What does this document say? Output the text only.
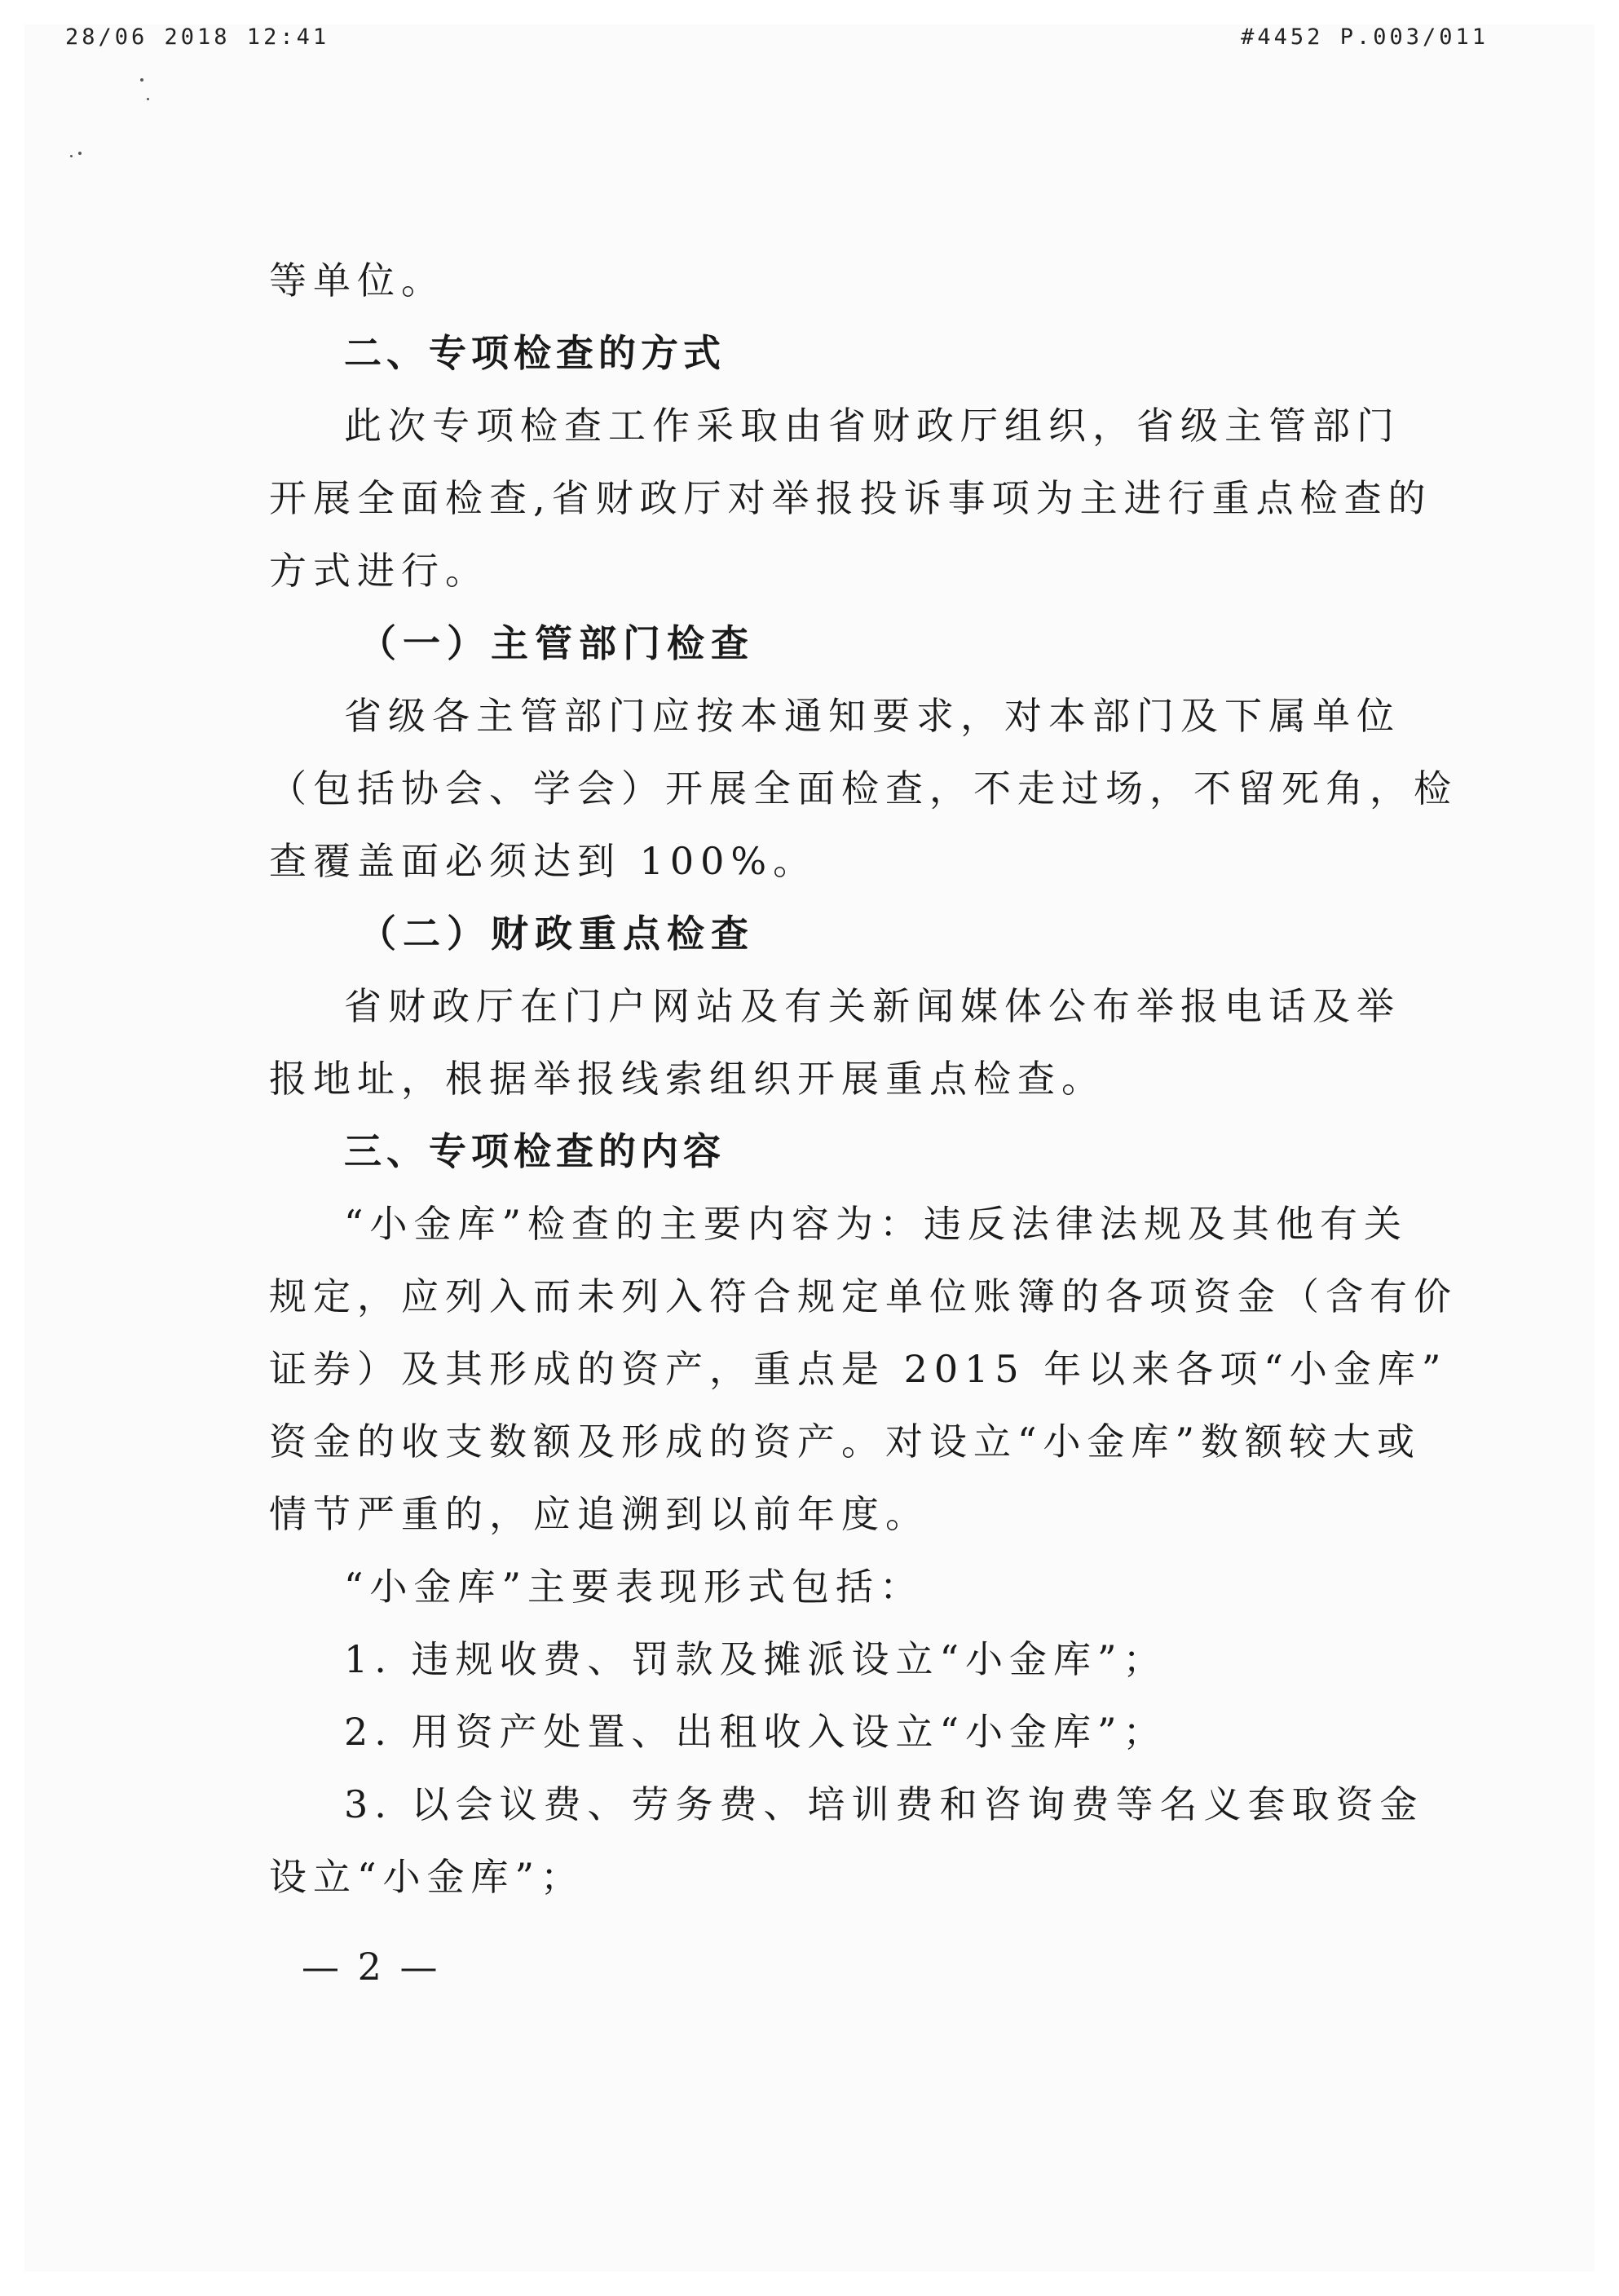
28/06 2018 12:41	#4452 P.003/011
等单位。
二、专项检查的方式
此次专项检查工作采取由省财政厅组织，省级主管部门
开展全面检查,省财政厅对举报投诉事项为主进行重点检查的
方式进行。
（一）主管部门检查
省级各主管部门应按本通知要求，对本部门及下属单位
（包括协会、学会）开展全面检查，不走过场，不留死角，检
查覆盖面必须达到 100%。
（二）财政重点检查
省财政厅在门户网站及有关新闻媒体公布举报电话及举
报地址，根据举报线索组织开展重点检查。
三、专项检查的内容
“小金库”检查的主要内容为：违反法律法规及其他有关
规定，应列入而未列入符合规定单位账簿的各项资金（含有价
证券）及其形成的资产，重点是 2015 年以来各项“小金库”
资金的收支数额及形成的资产。对设立“小金库”数额较大或
情节严重的，应追溯到以前年度。
“小金库”主要表现形式包括：
1. 违规收费、罚款及摊派设立“小金库”；
2. 用资产处置、出租收入设立“小金库”；
3. 以会议费、劳务费、培训费和咨询费等名义套取资金
设立“小金库”；
— 2 —
